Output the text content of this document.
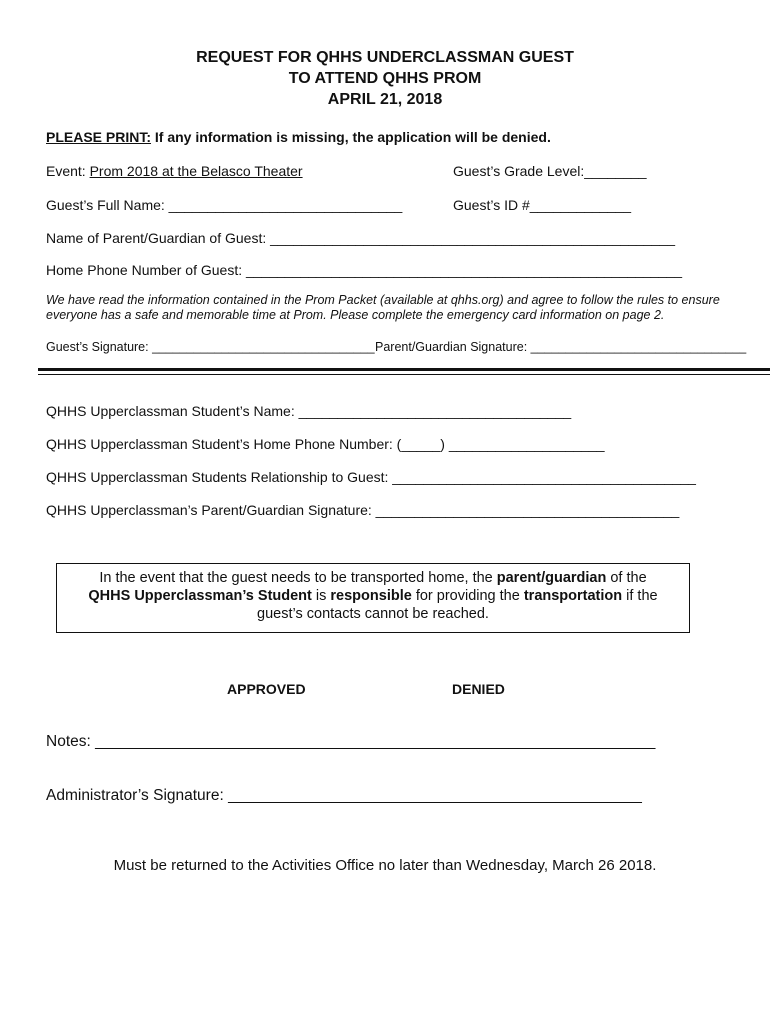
REQUEST FOR QHHS UNDERCLASSMAN GUEST
TO ATTEND QHHS PROM
APRIL 21, 2018
PLEASE PRINT: If any information is missing, the application will be denied.
Event: Prom 2018 at the Belasco Theater	Guest’s Grade Level:________
Guest’s Full Name: ______________________________	Guest’s ID #_____________
Name of Parent/Guardian of Guest: ____________________________________________________
Home Phone Number of Guest: ________________________________________________________
We have read the information contained in the Prom Packet (available at qhhs.org) and agree to follow the rules to ensure
everyone has a safe and memorable time at Prom. Please complete the emergency card information on page 2.
Guest’s Signature: ________________________________ Parent/Guardian Signature: _______________________________
QHHS Upperclassman Student’s Name: ___________________________________
QHHS Upperclassman Student’s Home Phone Number: (_____) ____________________
QHHS Upperclassman Students Relationship to Guest: _______________________________________
QHHS Upperclassman’s Parent/Guardian Signature: _______________________________________
In the event that the guest needs to be transported home, the parent/guardian of the
QHHS Upperclassman’s Student is responsible for providing the transportation if the
guest’s contacts cannot be reached.
APPROVED	DENIED
Notes: _________________________________________________________________
Administrator’s Signature: ________________________________________________
Must be returned to the Activities Office no later than Wednesday, March 26 2018.
